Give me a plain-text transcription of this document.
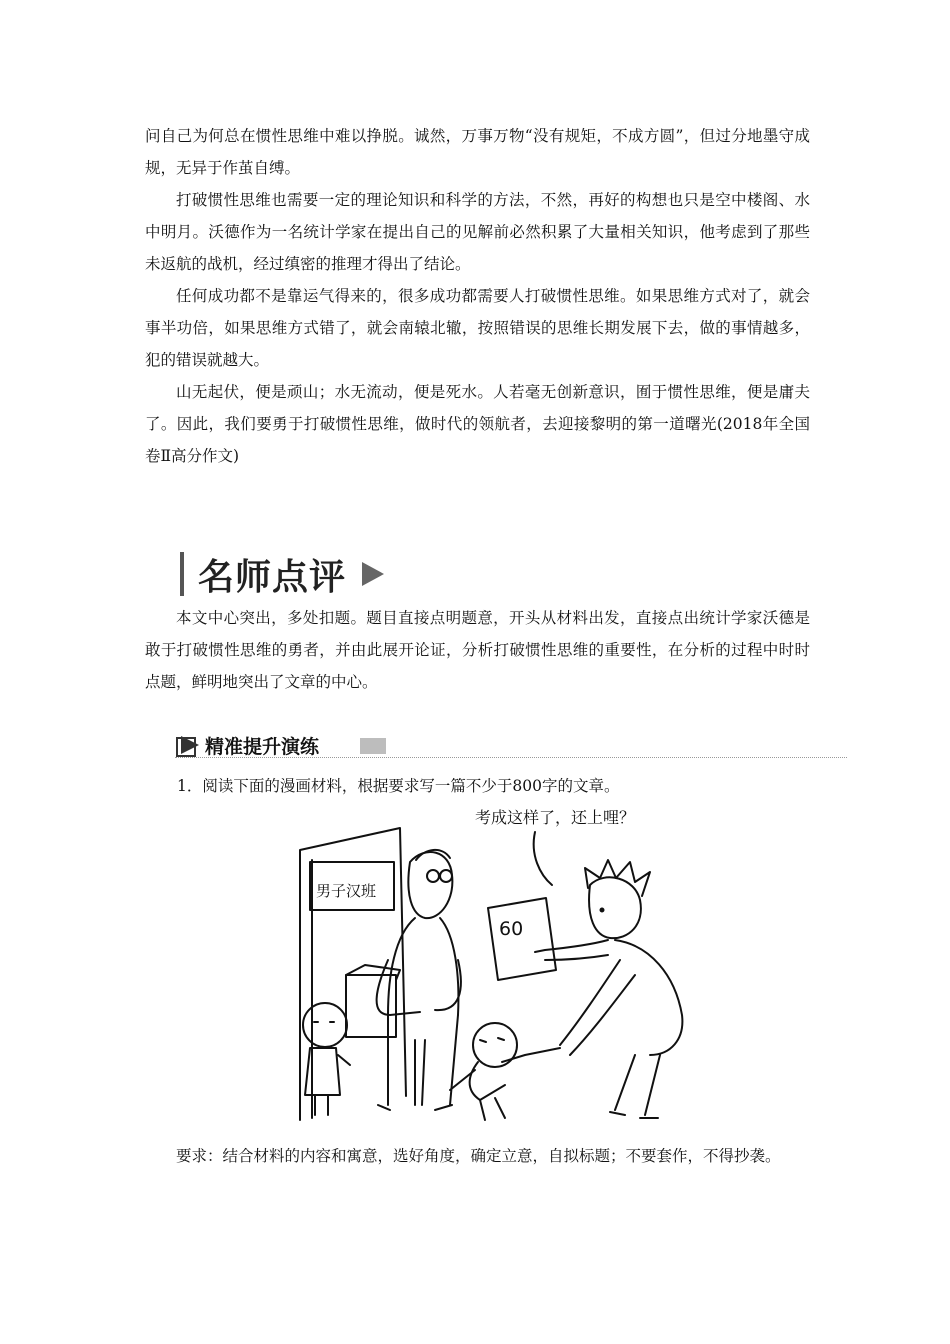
问自己为何总在惯性思维中难以挣脱。诚然，万事万物“没有规矩，不成方圆”，但过分地墨守成规，无异于作茧自缚。

打破惯性思维也需要一定的理论知识和科学的方法，不然，再好的构想也只是空中楼阁、水中明月。沃德作为一名统计学家在提出自己的见解前必然积累了大量相关知识，他考虑到了那些未返航的战机，经过缜密的推理才得出了结论。

任何成功都不是靠运气得来的，很多成功都需要人打破惯性思维。如果思维方式对了，就会事半功倍，如果思维方式错了，就会南辕北辙，按照错误的思维长期发展下去，做的事情越多，犯的错误就越大。

山无起伏，便是顽山；水无流动，便是死水。人若毫无创新意识，囿于惯性思维，便是庸夫了。因此，我们要勇于打破惯性思维，做时代的领航者，去迎接黎明的第一道曙光(2018年全国卷Ⅱ高分作文)

名师点评

本文中心突出，多处扣题。题目直接点明题意，开头从材料出发，直接点出统计学家沃德是敢于打破惯性思维的勇者，并由此展开论证，分析打破惯性思维的重要性，在分析的过程中时时点题，鲜明地突出了文章的中心。

精准提升演练

1．阅读下面的漫画材料，根据要求写一篇不少于800字的文章。

考成这样了，还上哩？
男子汉班
60

要求：结合材料的内容和寓意，选好角度，确定立意，自拟标题；不要套作，不得抄袭。
